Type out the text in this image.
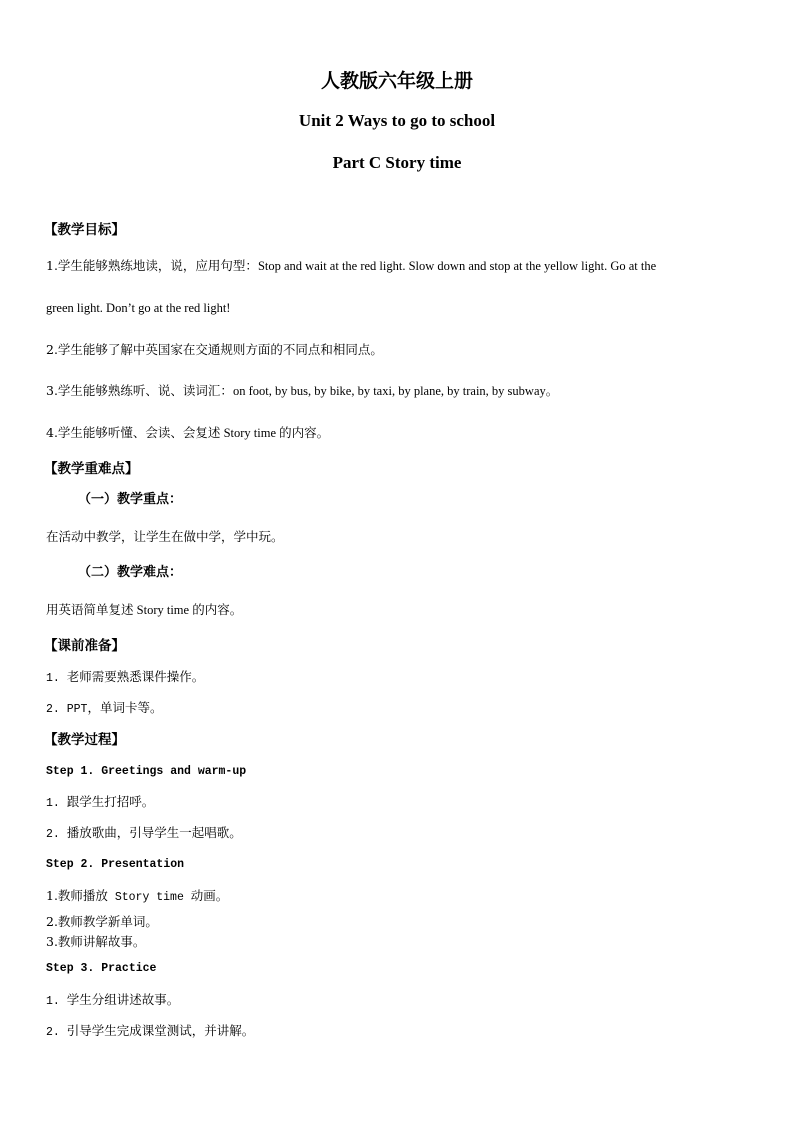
人教版六年级上册
Unit 2 Ways to go to school
Part C Story time
【教学目标】
1.学生能够熟练地读，说，应用句型：Stop and wait at the red light. Slow down and stop at the yellow light. Go at the
green light. Don’t go at the red light!
2.学生能够了解中英国家在交通规则方面的不同点和相同点。
3.学生能够熟练听、说、读词汇：on foot, by bus, by bike, by taxi, by plane, by train, by subway。
4.学生能够听懂、会读、会复述 Story time 的内容。
【教学重难点】
（一）教学重点：
在活动中教学，让学生在做中学，学中玩。
（二）教学难点：
用英语简单复述 Story time 的内容。
【课前准备】
1. 老师需要熟悉课件操作。
2. PPT，单词卡等。
【教学过程】
Step 1. Greetings and warm-up
1. 跟学生打招呼。
2. 播放歌曲，引导学生一起唱歌。
Step 2. Presentation
1.教师播放 Story time 动画。
2.教师教学新单词。
3.教师讲解故事。
Step 3. Practice
1. 学生分组讲述故事。
2. 引导学生完成课堂测试，并讲解。
